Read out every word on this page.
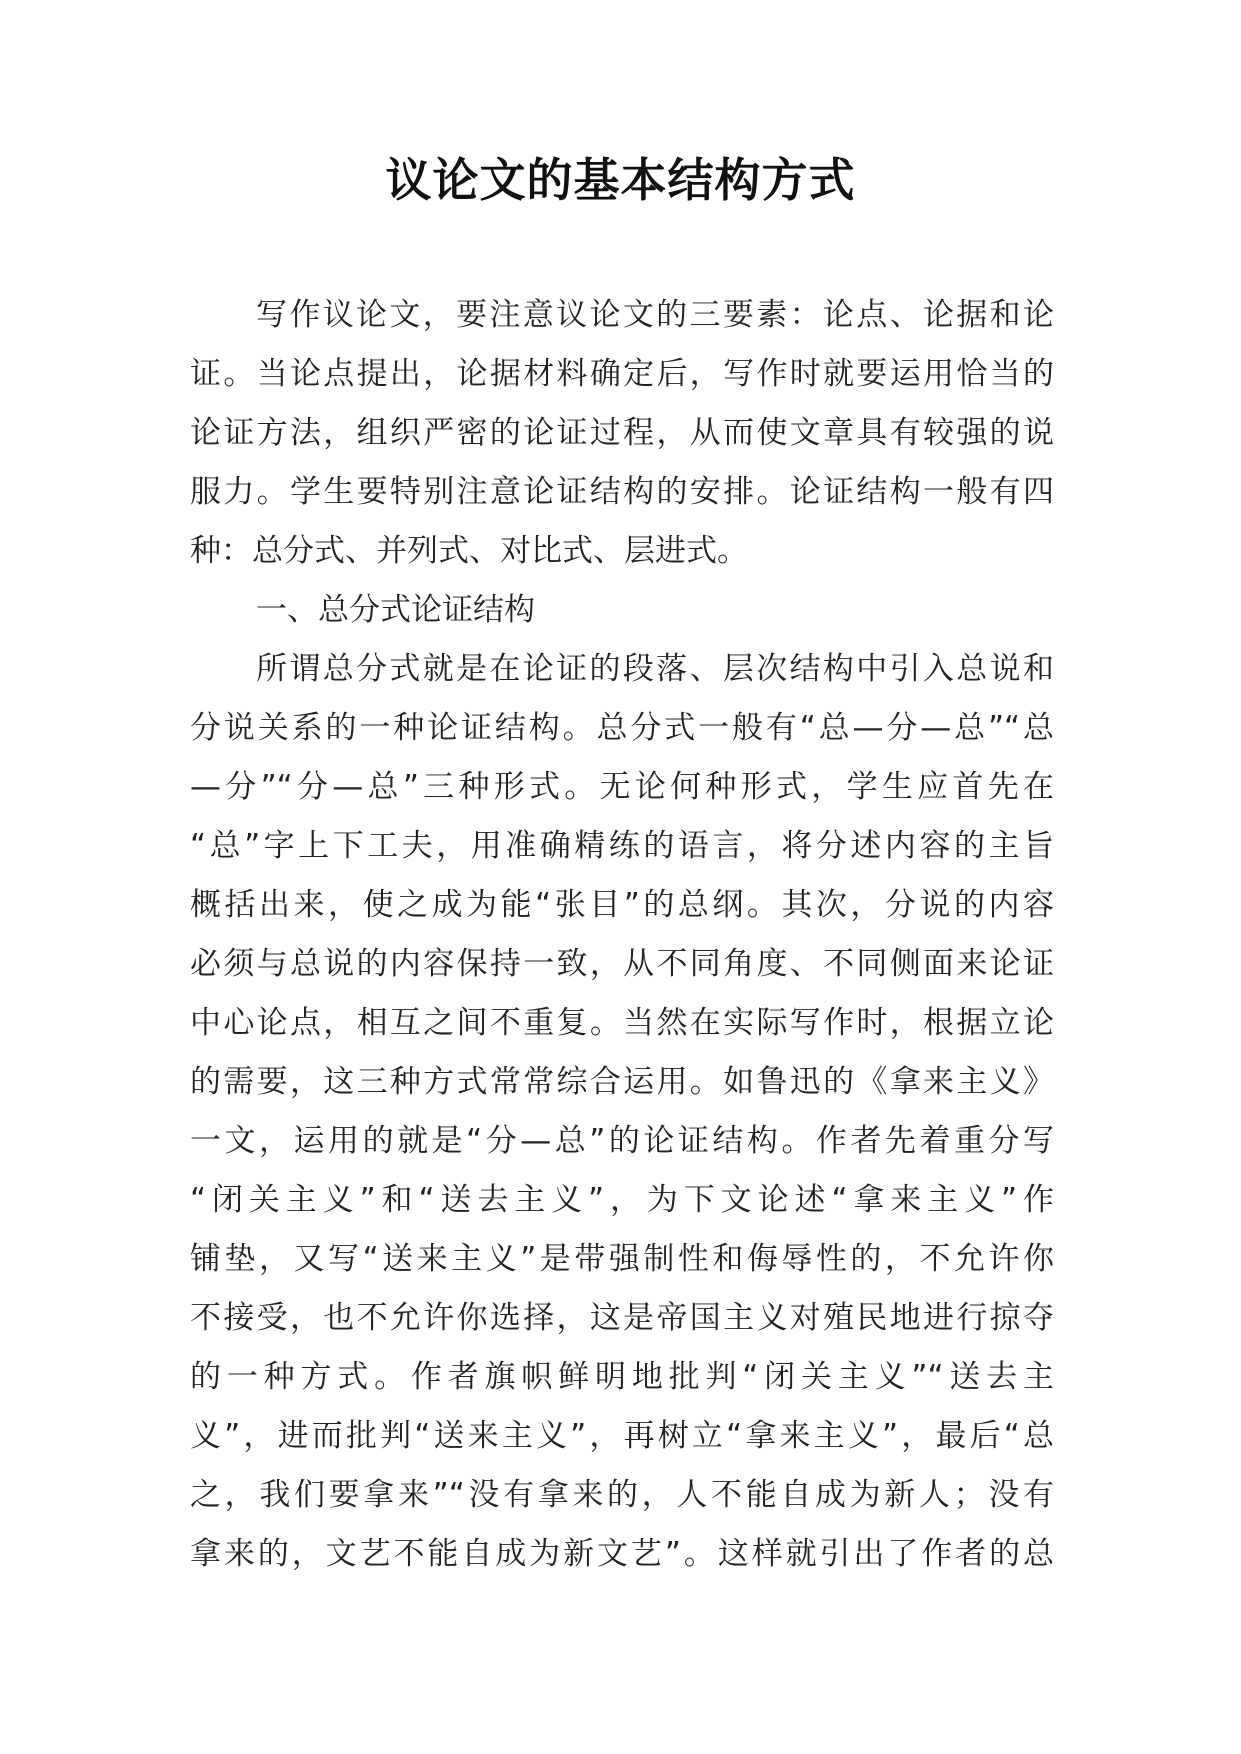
议论文的基本结构方式
写作议论文，要注意议论文的三要素：论点、论据和论
证。当论点提出，论据材料确定后，写作时就要运用恰当的
论证方法，组织严密的论证过程，从而使文章具有较强的说
服力。学生要特别注意论证结构的安排。论证结构一般有四
种：总分式、并列式、对比式、层进式。
一、总分式论证结构
所谓总分式就是在论证的段落、层次结构中引入总说和
分说关系的一种论证结构。总分式一般有“总—分—总”“总
—分”“分—总”三种形式。无论何种形式，学生应首先在
“总”字上下工夫，用准确精练的语言，将分述内容的主旨
概括出来，使之成为能“张目”的总纲。其次，分说的内容
必须与总说的内容保持一致，从不同角度、不同侧面来论证
中心论点，相互之间不重复。当然在实际写作时，根据立论
的需要，这三种方式常常综合运用。如鲁迅的《拿来主义》
一文，运用的就是“分—总”的论证结构。作者先着重分写
“闭关主义”和“送去主义”，为下文论述“拿来主义”作
铺垫，又写“送来主义”是带强制性和侮辱性的，不允许你
不接受，也不允许你选择，这是帝国主义对殖民地进行掠夺
的一种方式。作者旗帜鲜明地批判“闭关主义”“送去主
义”，进而批判“送来主义”，再树立“拿来主义”，最后“总
之，我们要拿来”“没有拿来的，人不能自成为新人；没有
拿来的，文艺不能自成为新文艺”。这样就引出了作者的总
